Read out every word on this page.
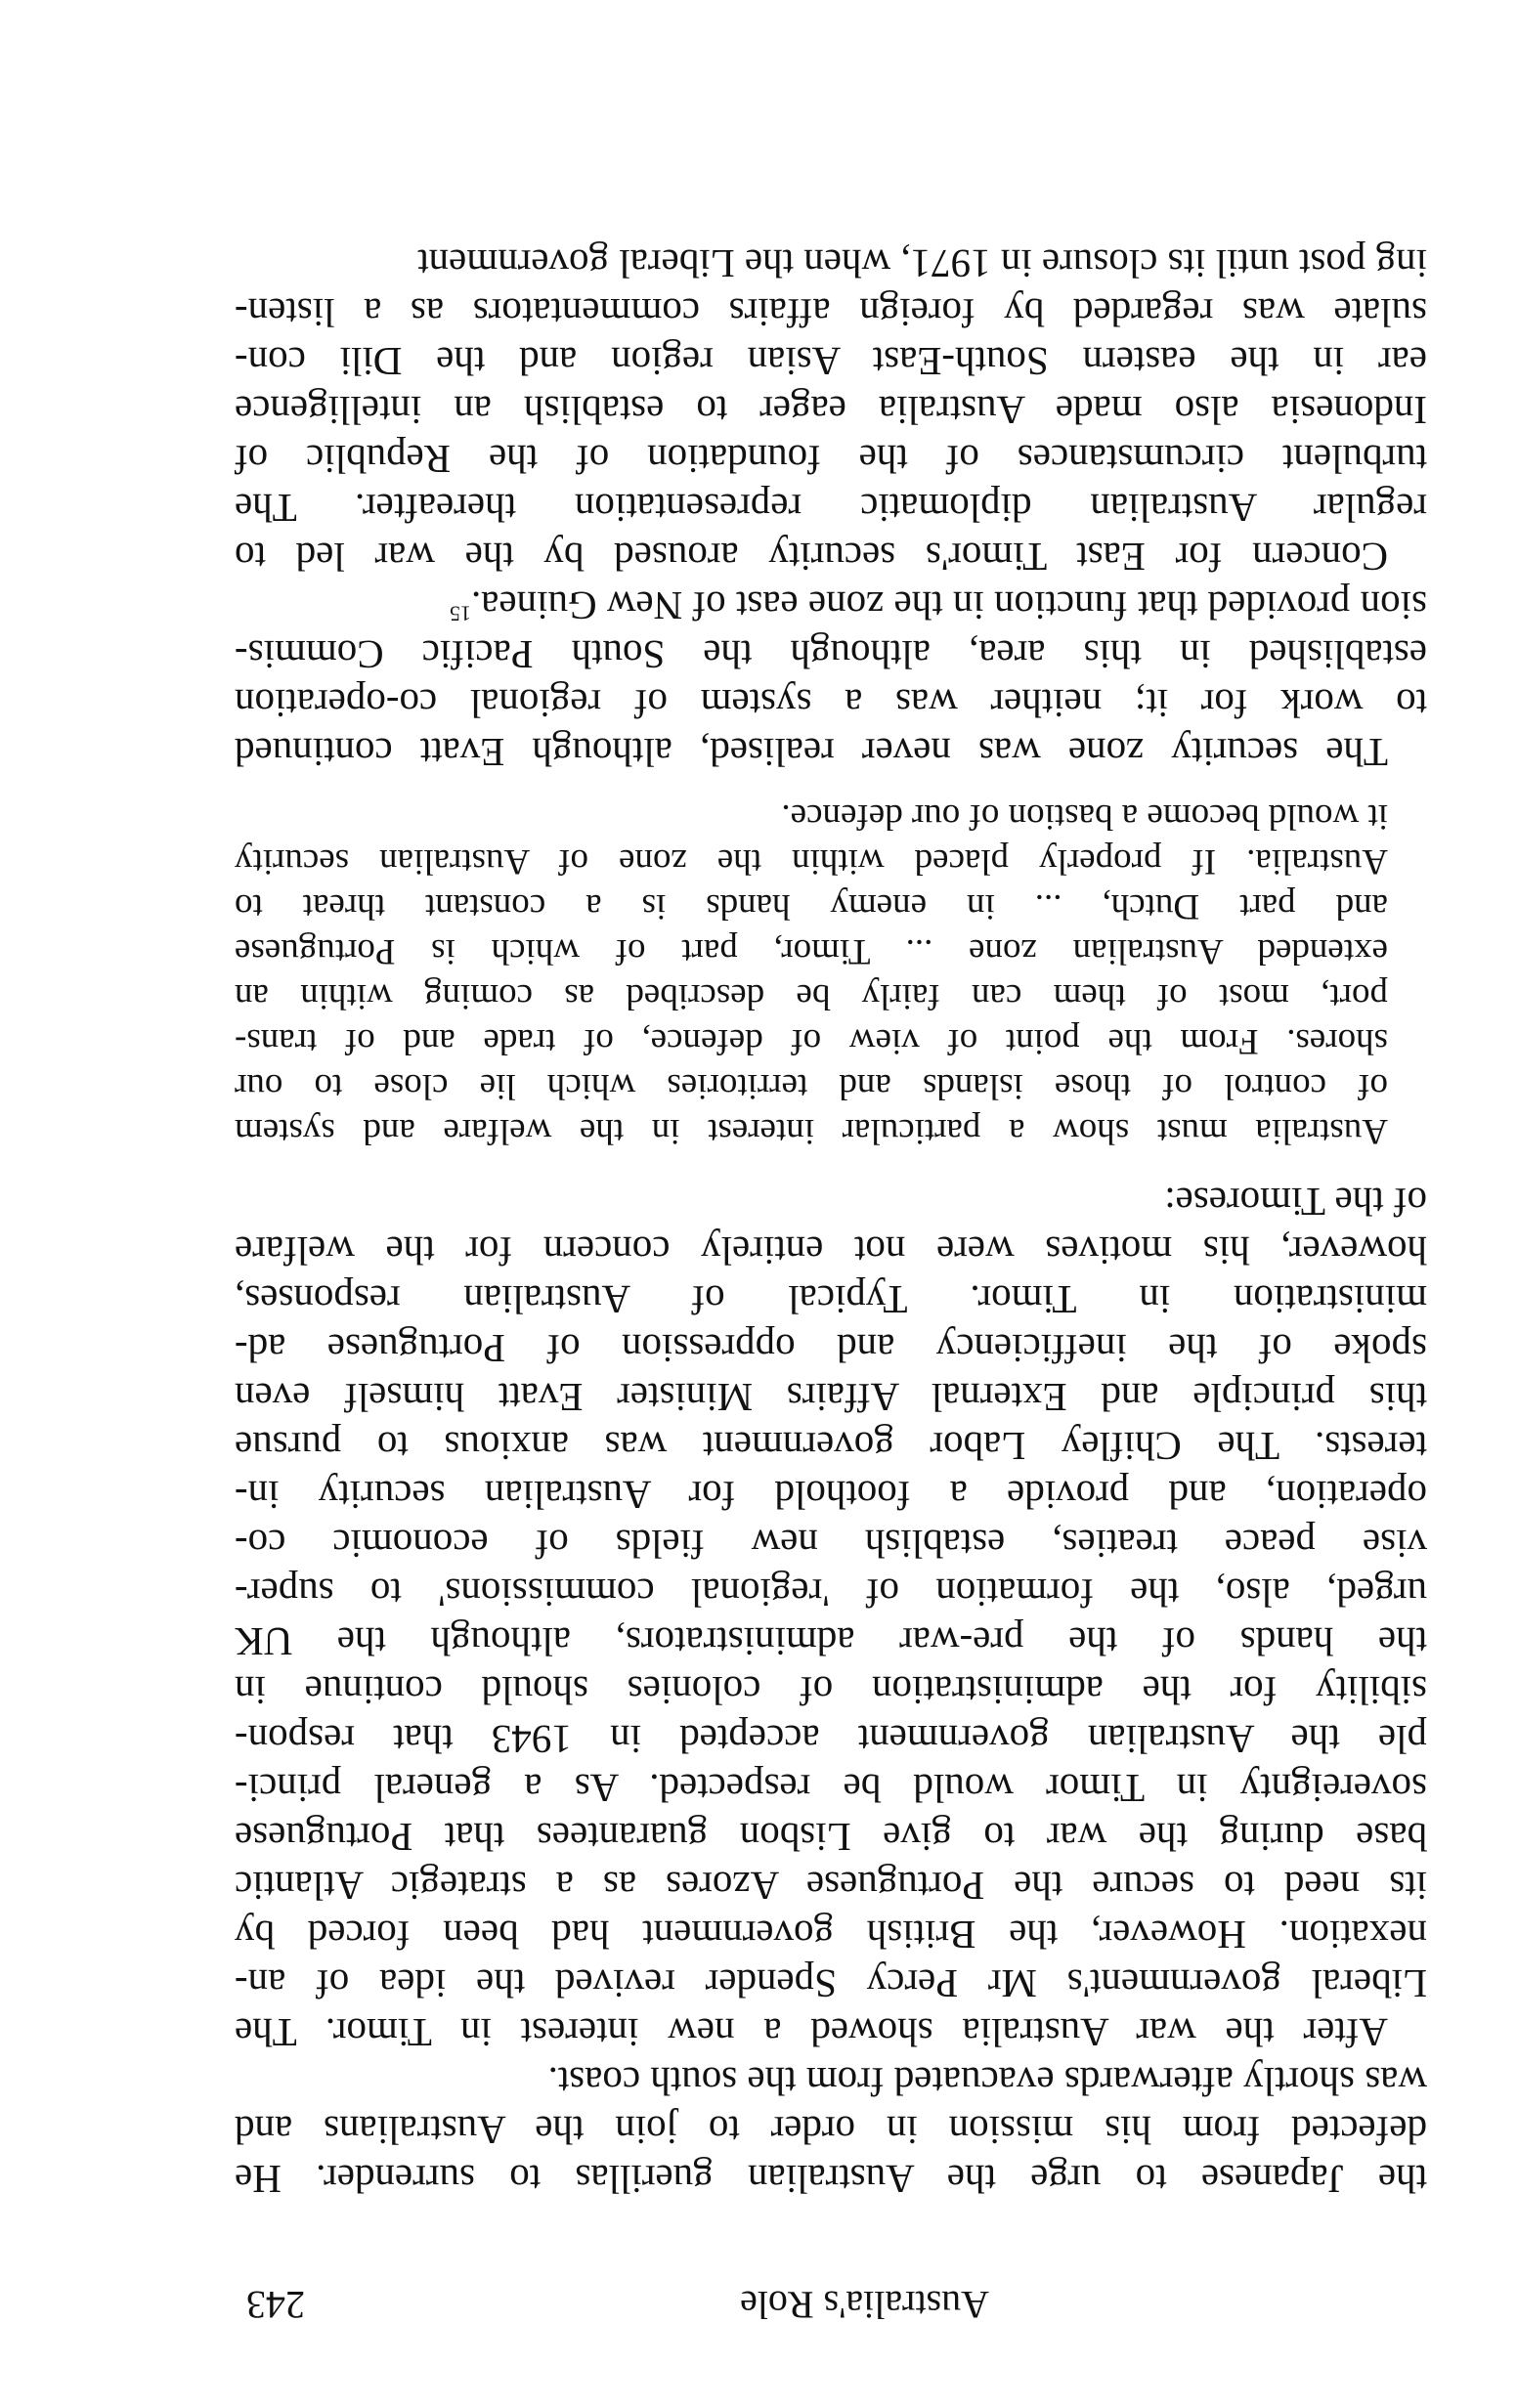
Australia's Role
243
the Japanese to urge the Australian guerillas to surrender. He
defected from his mission in order to join the Australians and
was shortly afterwards evacuated from the south coast.
After the war Australia showed a new interest in Timor. The
Liberal government's Mr Percy Spender revived the idea of an-
nexation. However, the British government had been forced by
its need to secure the Portuguese Azores as a strategic Atlantic
base during the war to give Lisbon guarantees that Portuguese
sovereignty in Timor would be respected. As a general princi-
ple the Australian government accepted in 1943 that respon-
sibility for the administration of colonies should continue in
the hands of the pre-war administrators, although the UK
urged, also, the formation of 'regional commissions' to super-
vise peace treaties, establish new fields of economic co-
operation, and provide a foothold for Australian security in-
terests. The Chifley Labor government was anxious to pursue
this principle and External Affairs Minister Evatt himself even
spoke of the inefficiency and oppression of Portuguese ad-
ministration in Timor. Typical of Australian responses,
however, his motives were not entirely concern for the welfare
of the Timorese:
Australia must show a particular interest in the welfare and system
of control of those islands and territories which lie close to our
shores. From the point of view of defence, of trade and of trans-
port, most of them can fairly be described as coming within an
extended Australian zone ... Timor, part of which is Portuguese
and part Dutch, ... in enemy hands is a constant threat to
Australia. If properly placed within the zone of Australian security
it would become a bastion of our defence.
The security zone was never realised, although Evatt continued
to work for it; neither was a system of regional co-operation
established in this area, although the South Pacific Commis-
sion provided that function in the zone east of New Guinea.$^{15}$
Concern for East Timor's security aroused by the war led to
regular Australian diplomatic representation thereafter. The
turbulent circumstances of the foundation of the Republic of
Indonesia also made Australia eager to establish an intelligence
ear in the eastern South-East Asian region and the Dili con-
sulate was regarded by foreign affairs commentators as a listen-
ing post until its closure in 1971, when the Liberal government
